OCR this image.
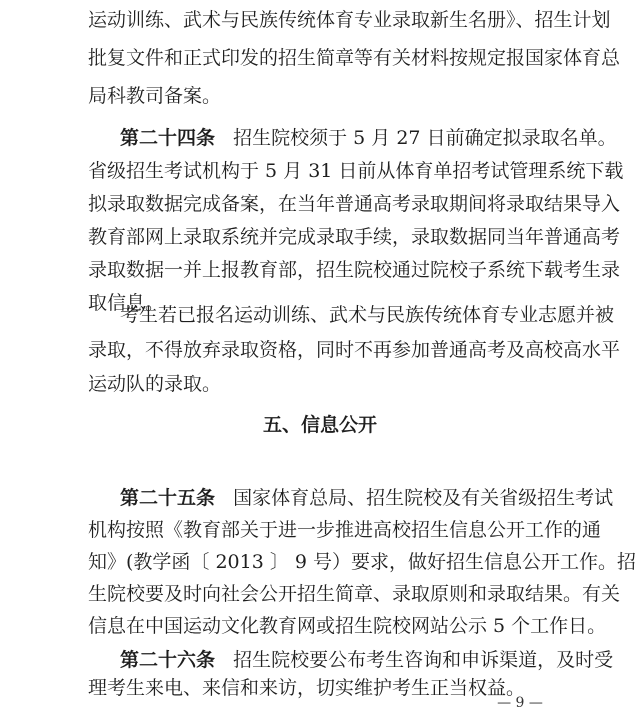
运动训练、武术与民族传统体育专业录取新生名册》、招生计划
批复文件和正式印发的招生简章等有关材料按规定报国家体育总
局科教司备案。
第二十四条 招生院校须于 5 月 27 日前确定拟录取名单。
省级招生考试机构于 5 月 31 日前从体育单招考试管理系统下载
拟录取数据完成备案，在当年普通高考录取期间将录取结果导入
教育部网上录取系统并完成录取手续，录取数据同当年普通高考
录取数据一并上报教育部，招生院校通过院校子系统下载考生录
取信息。
考生若已报名运动训练、武术与民族传统体育专业志愿并被
录取，不得放弃录取资格，同时不再参加普通高考及高校高水平
运动队的录取。
五、信息公开
第二十五条 国家体育总局、招生院校及有关省级招生考试
机构按照《教育部关于进一步推进高校招生信息公开工作的通
知》(教学函〔 2013 〕 9 号）要求，做好招生信息公开工作。招
生院校要及时向社会公开招生简章、录取原则和录取结果。有关
信息在中国运动文化教育网或招生院校网站公示 5 个工作日。
第二十六条 招生院校要公布考生咨询和申诉渠道，及时受
理考生来电、来信和来访，切实维护考生正当权益。
— 9 —
